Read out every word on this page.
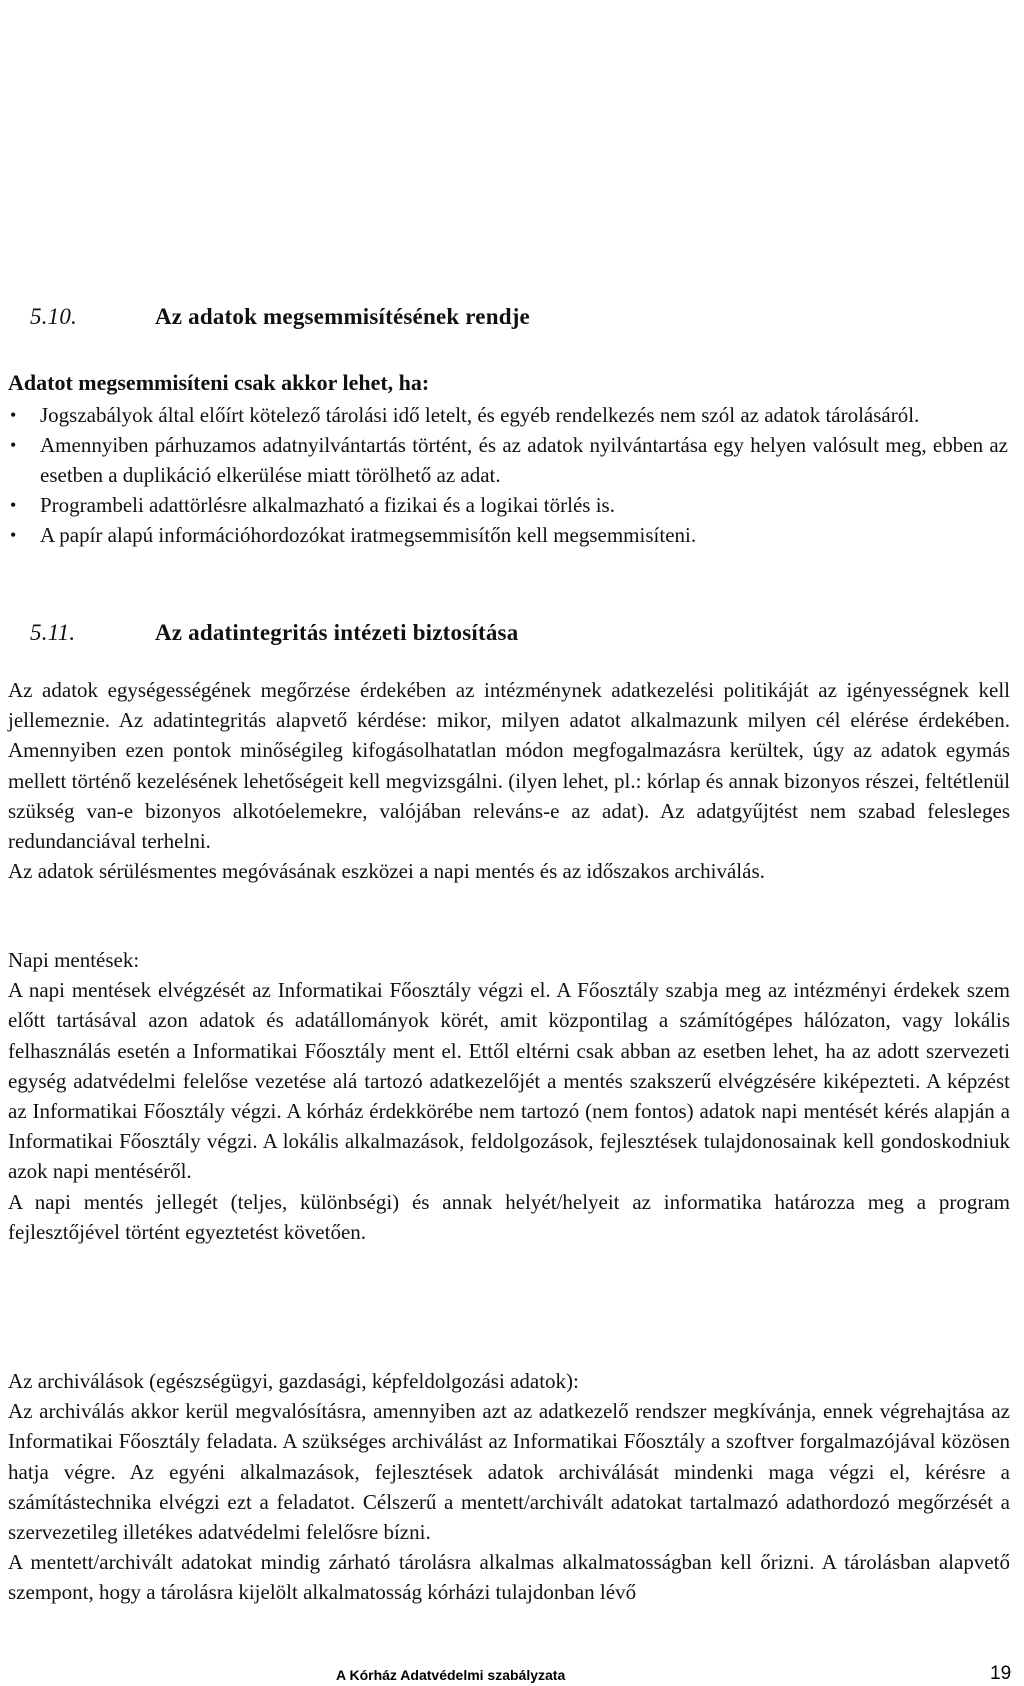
5.10.	Az adatok megsemmisítésének rendje
Adatot megsemmisíteni csak akkor lehet, ha:
• Jogszabályok által előírt kötelező tárolási idő letelt, és egyéb rendelkezés nem szól az adatok tárolásáról.
• Amennyiben párhuzamos adatnyilvántartás történt, és az adatok nyilvántartása egy helyen valósult meg, ebben az esetben a duplikáció elkerülése miatt törölhető az adat.
• Programbeli adattörlésre alkalmazható a fizikai és a logikai törlés is.
• A papír alapú információhordozókat iratmegsemmisítőn kell megsemmisíteni.
5.11.	Az adatintegritás intézeti biztosítása

Az adatok egységességének megőrzése érdekében az intézménynek adatkezelési politikáját az igényességnek kell jellemeznie. Az adatintegritás alapvető kérdése: mikor, milyen adatot alkalmazunk milyen cél elérése érdekében. Amennyiben ezen pontok minőségileg kifogásolhatatlan módon megfogalmazásra kerültek, úgy az adatok egymás mellett történő kezelésének lehetőségeit kell megvizsgálni. (ilyen lehet, pl.: kórlap és annak bizonyos részei, feltétlenül szükség van-e bizonyos alkotóelemekre, valójában releváns-e az adat). Az adatgyűjtést nem szabad felesleges redundanciával terhelni.

Az adatok sérülésmentes megóvásának eszközei a napi mentés és az időszakos archiválás.

Napi mentések:

A napi mentések elvégzését az Informatikai Főosztály végzi el. A Főosztály szabja meg az intézményi érdekek szem előtt tartásával azon adatok és adatállományok körét, amit központilag a számítógépes hálózaton, vagy lokális felhasználás esetén a Informatikai Főosztály ment el. Ettől eltérni csak abban az esetben lehet, ha az adott szervezeti egység adatvédelmi felelőse vezetése alá tartozó adatkezelőjét a mentés szakszerű elvégzésére kiképezteti. A képzést az Informatikai Főosztály végzi. A kórház érdekkörébe nem tartozó (nem fontos) adatok napi mentését kérés alapján a Informatikai Főosztály végzi. A lokális alkalmazások, feldolgozások, fejlesztések tulajdonosainak kell gondoskodniuk azok napi mentéséről.

A napi mentés jellegét (teljes, különbségi) és annak helyét/helyeit az informatika határozza meg a program fejlesztőjével történt egyeztetést követően.

Az archiválások (egészségügyi, gazdasági, képfeldolgozási adatok):

Az archiválás akkor kerül megvalósításra, amennyiben azt az adatkezelő rendszer megkívánja, ennek végrehajtása az Informatikai Főosztály feladata. A szükséges archiválást az Informatikai Főosztály a szoftver forgalmazójával közösen hatja végre. Az egyéni alkalmazások, fejlesztések adatok archiválását mindenki maga végzi el, kérésre a számítástechnika elvégzi ezt a feladatot. Célszerű a mentett/archivált adatokat tartalmazó adathordozó megőrzését a szervezetileg illetékes adatvédelmi felelősre bízni.

A mentett/archivált adatokat mindig zárható tárolásra alkalmas alkalmatosságban kell őrizni. A tárolásban alapvető szempont, hogy a tárolásra kijelölt alkalmatosság kórházi tulajdonban lévő

A Kórház Adatvédelmi szabályzata	19
